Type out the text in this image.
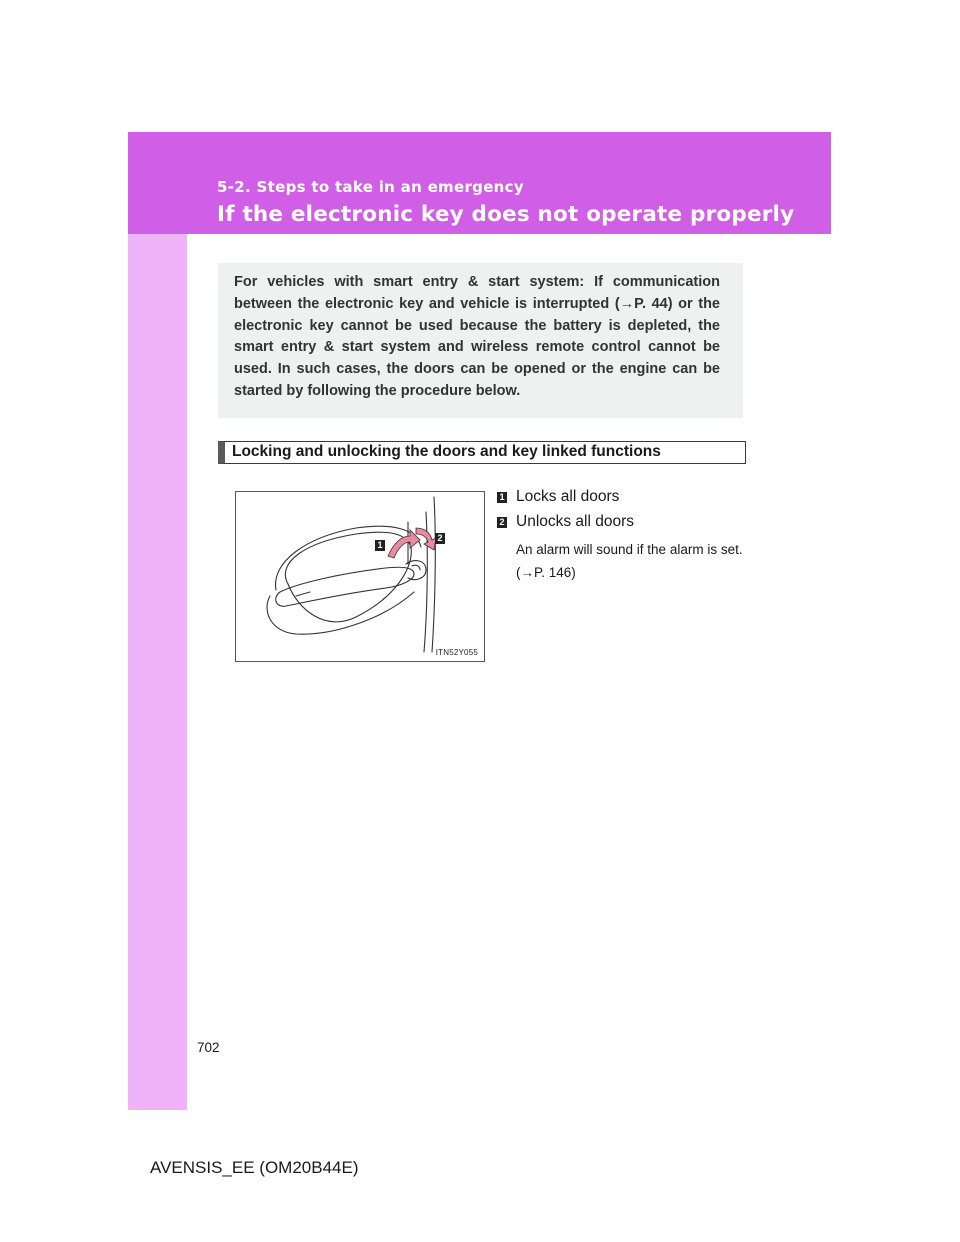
5-2. Steps to take in an emergency
If the electronic key does not operate properly

For vehicles with smart entry & start system: If communication between the electronic key and vehicle is interrupted (→P. 44) or the electronic key cannot be used because the battery is depleted, the smart entry & start system and wireless remote control cannot be used. In such cases, the doors can be opened or the engine can be started by following the procedure below.

Locking and unlocking the doors and key linked functions
1
2
ITN52Y055
1 Locks all doors
2 Unlocks all doors

An alarm will sound if the alarm is set. (→P. 146)

702
AVENSIS_EE (OM20B44E)
